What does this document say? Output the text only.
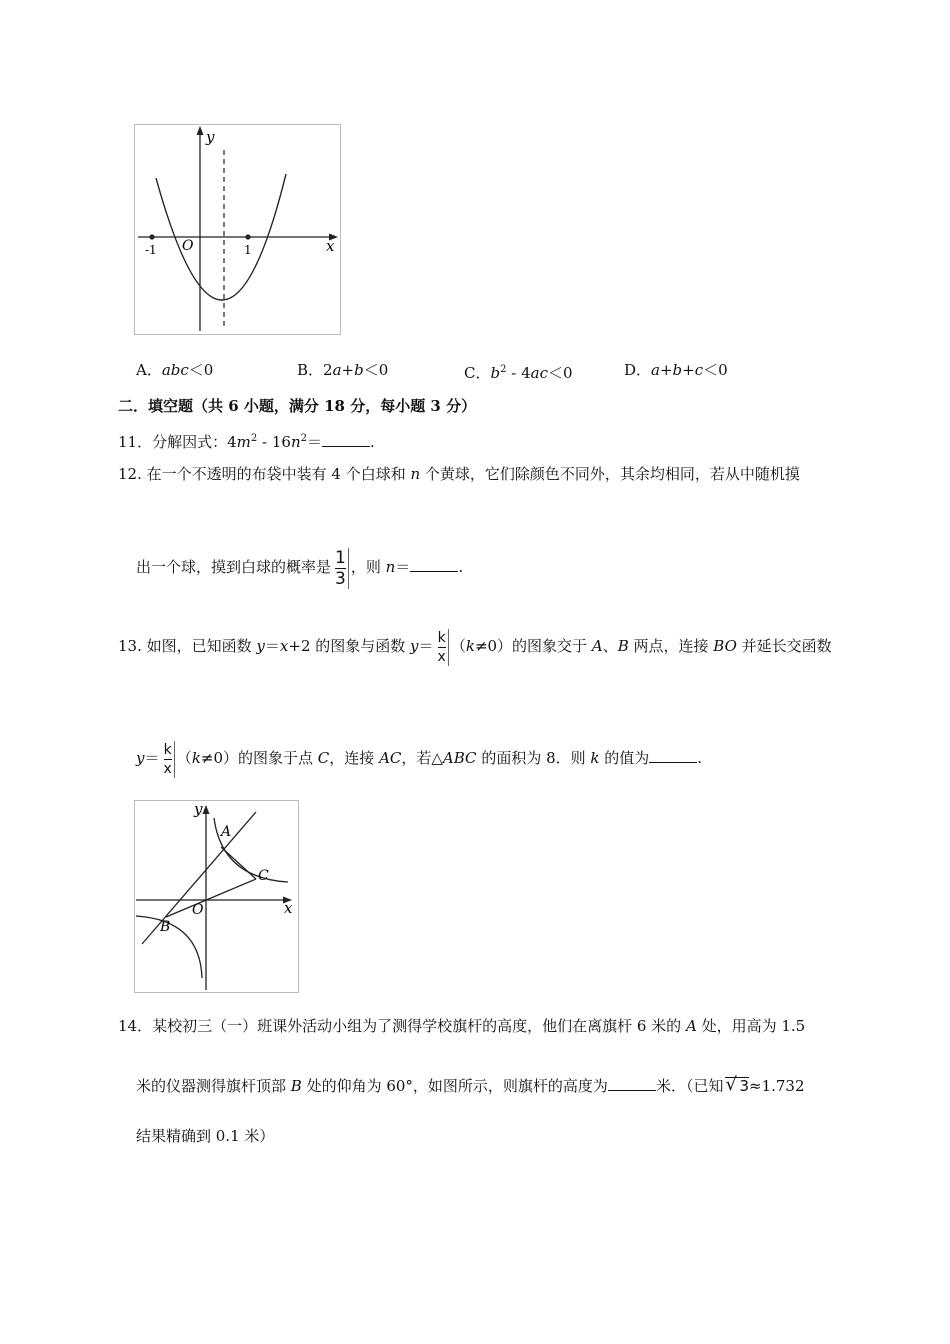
y
x
O
-1	1
A．abc＜0	B．2a+b＜0	C．$b^2 - 4ac<0$	D．a+b+c＜0
二．填空题（共 6 小题，满分 18 分，每小题 3 分）
11．分解因式：$4m^2 - 16n^2=$	.
12. 在一个不透明的布袋中装有 4 个白球和 n 个黄球，它们除颜色不同外，其余均相同，若从中随机摸
出一个球，摸到白球的概率是 $\frac{1}{3}$ ，则 n＝	.
13. 如图，已知函数 y＝x+2 的图象与函数 $y= \frac{k}{x} (k\ne 0)$的图象交于 A、B 两点，连接 BO 并延长交函数
$y= \frac{k}{x} (k\ne 0)$的图象于点 C，连接 AC，若△ABC 的面积为 8．则 k 的值为	.
y
x
O
A
B
C
14．某校初三（一）班课外活动小组为了测得学校旗杆的高度，他们在离旗杆 6 米的 A 处，用高为 1.5
米的仪器测得旗杆顶部 B 处的仰角为 60°，如图所示，则旗杆的高度为	米．（已知 √ 3≈1.732
结果精确到 0.1 米）
